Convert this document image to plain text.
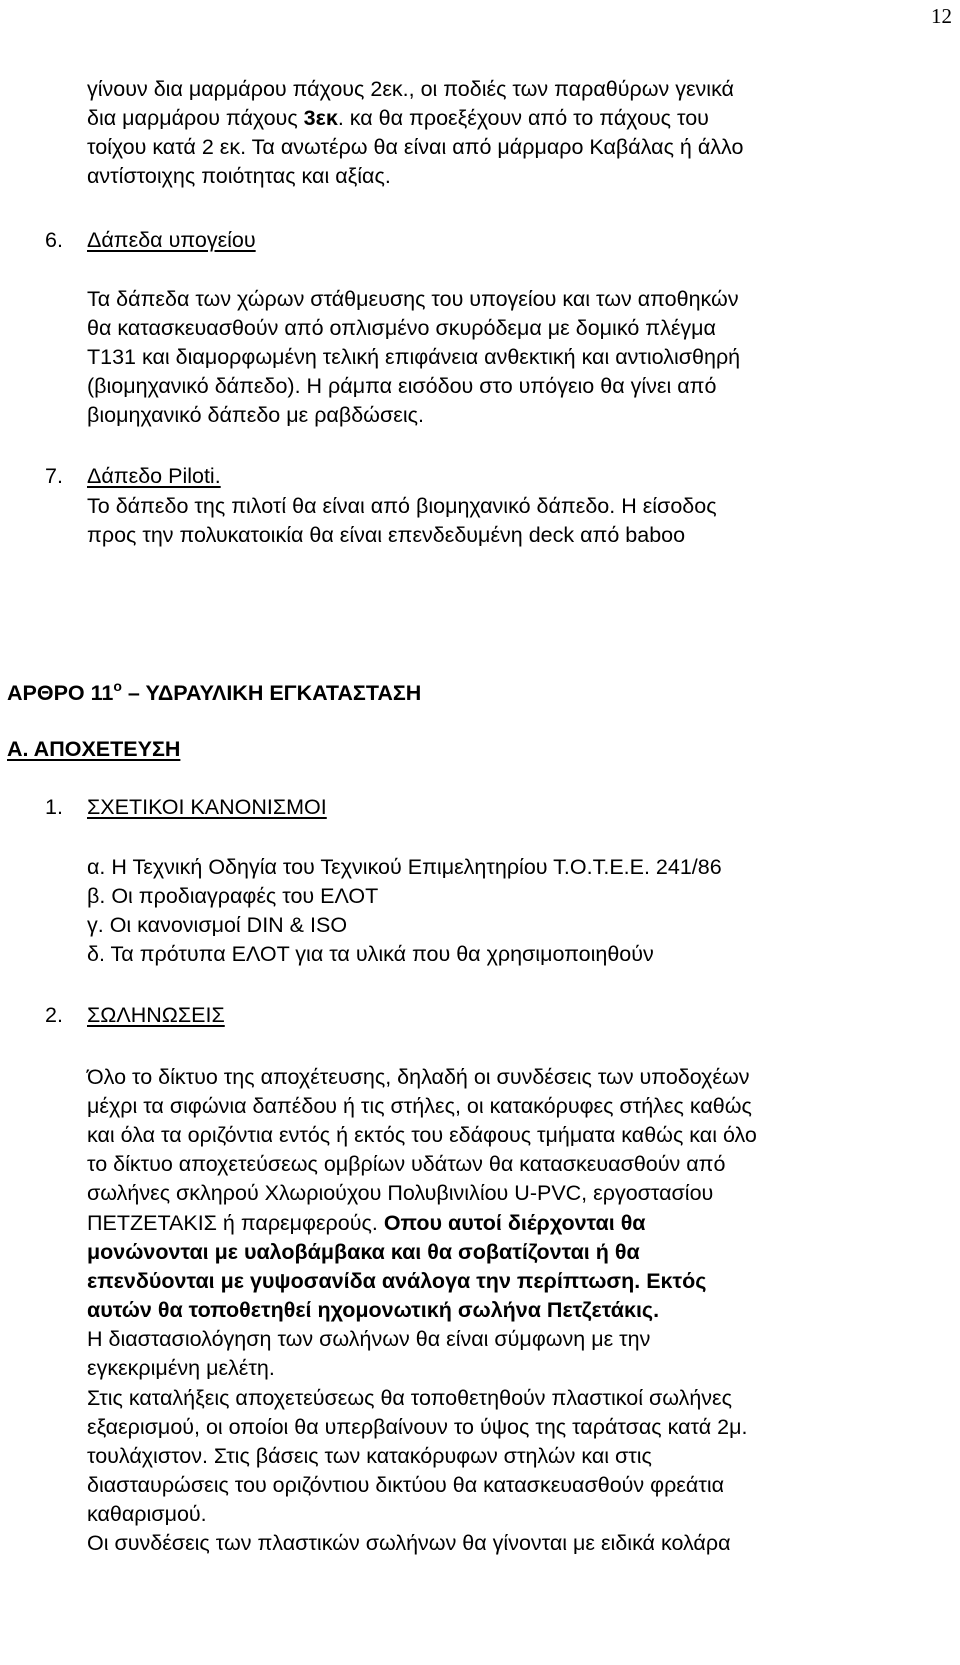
12
γίνουν δια μαρμάρου πάχους 2εκ., οι ποδιές των παραθύρων γενικά
δια μαρμάρου πάχους 3εκ. κα θα προεξέχουν από το πάχους του
τοίχου κατά 2 εκ. Τα ανωτέρω θα είναι από μάρμαρο Καβάλας ή άλλο
αντίστοιχης ποιότητας και αξίας.
6. Δάπεδα υπογείου
Τα δάπεδα των χώρων στάθμευσης του υπογείου και των αποθηκών
θα κατασκευασθούν από οπλισμένο σκυρόδεμα με δομικό πλέγμα
Τ131 και διαμορφωμένη τελική επιφάνεια ανθεκτική και αντιολισθηρή
(βιομηχανικό δάπεδο). Η ράμπα εισόδου στο υπόγειο θα γίνει από
βιομηχανικό δάπεδο με ραβδώσεις.
7. Δάπεδο Piloti.
Το δάπεδο της πιλοτί θα είναι από βιομηχανικό δάπεδο. Η είσοδος
προς την πολυκατοικία θα είναι επενδεδυμένη deck από baboo
ΑΡΘΡΟ $11^o$ – ΥΔΡΑΥΛΙΚΗ ΕΓΚΑΤΑΣΤΑΣΗ
Α. ΑΠΟΧΕΤΕΥΣΗ
1. ΣΧΕΤΙΚΟΙ ΚΑΝΟΝΙΣΜΟΙ
α. Η Τεχνική Οδηγία του Τεχνικού Επιμελητηρίου Τ.Ο.Τ.Ε.Ε. 241/86
β. Οι προδιαγραφές του ΕΛΟΤ
γ. Οι κανονισμοί DIN & ISO
δ. Τα πρότυπα ΕΛΟΤ για τα υλικά που θα χρησιμοποιηθούν
2. ΣΩΛΗΝΩΣΕΙΣ
Όλο το δίκτυο της αποχέτευσης, δηλαδή οι συνδέσεις των υποδοχέων
μέχρι τα σιφώνια δαπέδου ή τις στήλες, οι κατακόρυφες στήλες καθώς
και όλα τα οριζόντια εντός ή εκτός του εδάφους τμήματα καθώς και όλο
το δίκτυο αποχετεύσεως ομβρίων υδάτων θα κατασκευασθούν από
σωλήνες σκληρού Χλωριούχου Πολυβινιλίου U-PVC, εργοστασίου
ΠΕΤΖΕΤΑΚΙΣ ή παρεμφερούς. Οπου αυτοί διέρχονται θα
μονώνονται με υαλοβάμβακα και θα σοβατίζονται ή θα
επενδύονται με γυψοσανίδα ανάλογα την περίπτωση. Εκτός
αυτών θα τοποθετηθεί ηχομονωτική σωλήνα Πετζετάκις.
Η διαστασιολόγηση των σωλήνων θα είναι σύμφωνη με την
εγκεκριμένη μελέτη.
Στις καταλήξεις αποχετεύσεως θα τοποθετηθούν πλαστικοί σωλήνες
εξαερισμού, οι οποίοι θα υπερβαίνουν το ύψος της ταράτσας κατά 2μ.
τουλάχιστον. Στις βάσεις των κατακόρυφων στηλών και στις
διασταυρώσεις του οριζόντιου δικτύου θα κατασκευασθούν φρεάτια
καθαρισμού.
Οι συνδέσεις των πλαστικών σωλήνων θα γίνονται με ειδικά κολάρα
